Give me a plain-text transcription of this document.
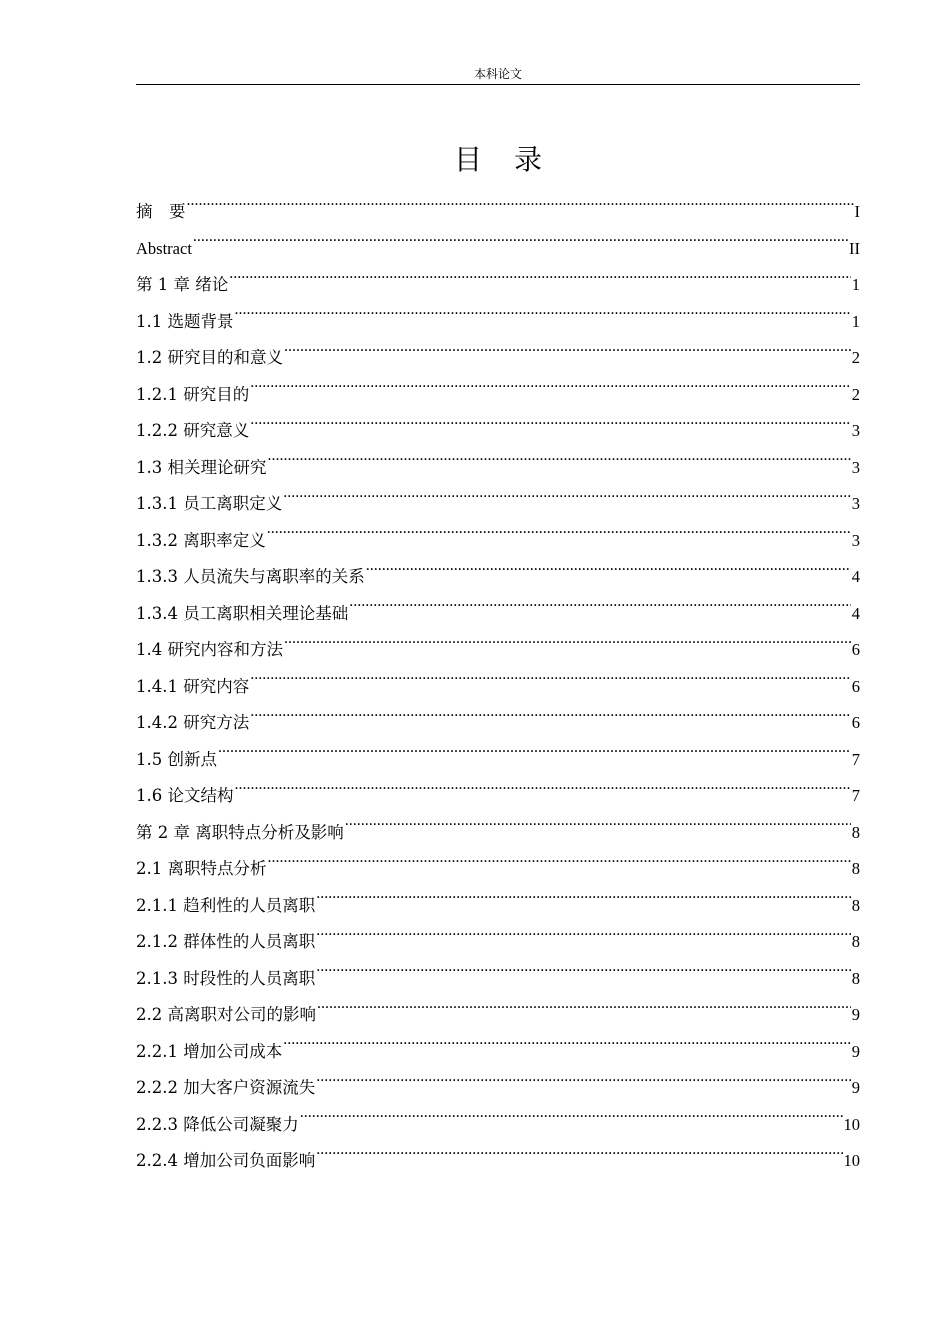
本科论文
目录
摘　要 .....	I
Abstract .....	II
第 1 章 绪论 .....	1
1.1 选题背景 .....	1
1.2 研究目的和意义 .....	2
1.2.1 研究目的 .....	2
1.2.2 研究意义 .....	3
1.3 相关理论研究 .....	3
1.3.1 员工离职定义 .....	3
1.3.2 离职率定义 .....	3
1.3.3 人员流失与离职率的关系 .....	4
1.3.4 员工离职相关理论基础 .....	4
1.4 研究内容和方法 .....	6
1.4.1 研究内容 .....	6
1.4.2 研究方法 .....	6
1.5 创新点 .....	7
1.6 论文结构 .....	7
第 2 章 离职特点分析及影响 .....	8
2.1 离职特点分析 .....	8
2.1.1 趋利性的人员离职 .....	8
2.1.2 群体性的人员离职 .....	8
2.1.3 时段性的人员离职 .....	8
2.2 高离职对公司的影响 .....	9
2.2.1 增加公司成本 .....	9
2.2.2 加大客户资源流失 .....	9
2.2.3 降低公司凝聚力 .....	10
2.2.4 增加公司负面影响 .....	10
